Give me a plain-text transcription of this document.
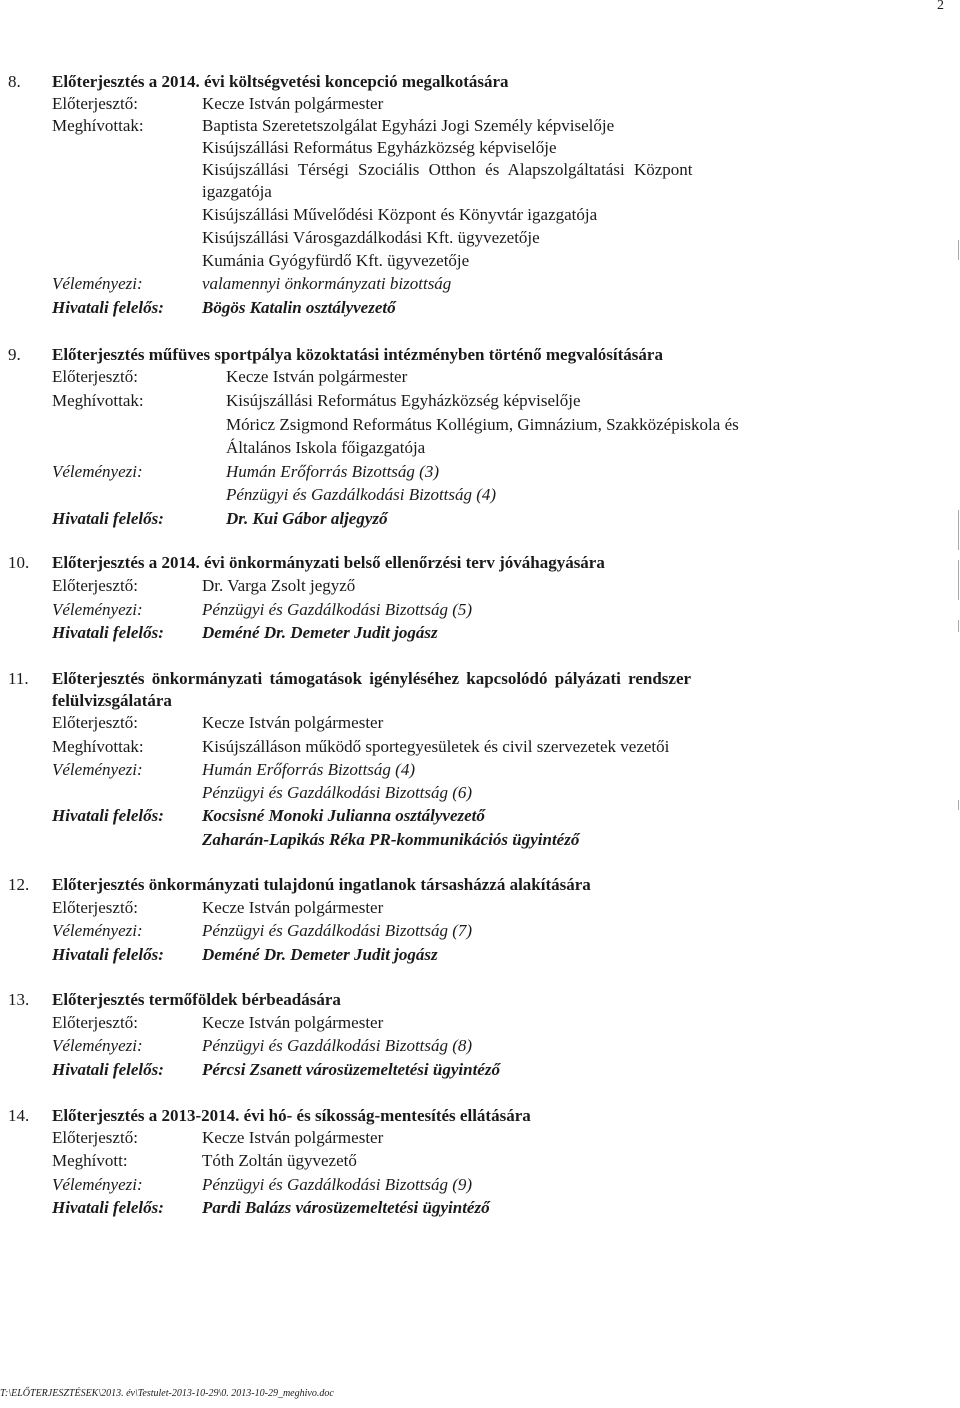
2
8. Előterjesztés a 2014. évi költségvetési koncepció megalkotására
Előterjesztő:	Kecze István polgármester
Meghívottak:	Baptista Szeretetszolgálat Egyházi Jogi Személy képviselője
Kisújszállási Református Egyházközség képviselője
Kisújszállási Térségi Szociális Otthon és Alapszolgáltatási Központ
igazgatója
Kisújszállási Művelődési Központ és Könyvtár igazgatója
Kisújszállási Városgazdálkodási Kft. ügyvezetője
Kumánia Gyógyfürdő Kft. ügyvezetője
Véleményezi:	valamennyi önkormányzati bizottság
Hivatali felelős: Bögös Katalin osztályvezető
9. Előterjesztés műfüves sportpálya közoktatási intézményben történő megvalósítására
Előterjesztő:	Kecze István polgármester
Meghívottak:	Kisújszállási Református Egyházközség képviselője
Móricz Zsigmond Református Kollégium, Gimnázium, Szakközépiskola és
Általános Iskola főigazgatója
Véleményezi:	Humán Erőforrás Bizottság (3)
Pénzügyi és Gazdálkodási Bizottság (4)
Hivatali felelős:	Dr. Kui Gábor aljegyző
10. Előterjesztés a 2014. évi önkormányzati belső ellenőrzési terv jóváhagyására
Előterjesztő:	Dr. Varga Zsolt jegyző
Véleményezi:	Pénzügyi és Gazdálkodási Bizottság (5)
Hivatali felelős: Deméné Dr. Demeter Judit jogász
11. Előterjesztés önkormányzati támogatások igényléséhez kapcsolódó pályázati rendszer
felülvizsgálatára
Előterjesztő:	Kecze István polgármester
Meghívottak:	Kisújszálláson működő sportegyesületek és civil szervezetek vezetői
Véleményezi:	Humán Erőforrás Bizottság (4)
Pénzügyi és Gazdálkodási Bizottság (6)
Hivatali felelős: Kocsisné Monoki Julianna osztályvezető
Zaharán-Lapikás Réka PR-kommunikációs ügyintéző
12. Előterjesztés önkormányzati tulajdonú ingatlanok társasházzá alakítására
Előterjesztő:	Kecze István polgármester
Véleményezi:	Pénzügyi és Gazdálkodási Bizottság (7)
Hivatali felelős: Deméné Dr. Demeter Judit jogász
13. Előterjesztés termőföldek bérbeadására
Előterjesztő:	Kecze István polgármester
Véleményezi:	Pénzügyi és Gazdálkodási Bizottság (8)
Hivatali felelős: Pércsi Zsanett városüzemeltetési ügyintéző
14. Előterjesztés a 2013-2014. évi hó- és síkosság-mentesítés ellátására
Előterjesztő:	Kecze István polgármester
Meghívott:	Tóth Zoltán ügyvezető
Véleményezi:	Pénzügyi és Gazdálkodási Bizottság (9)
Hivatali felelős: Pardi Balázs városüzemeltetési ügyintéző
T:\ELŐTERJESZTÉSEK\2013. év\Testulet-2013-10-29\0. 2013-10-29_meghivo.doc
